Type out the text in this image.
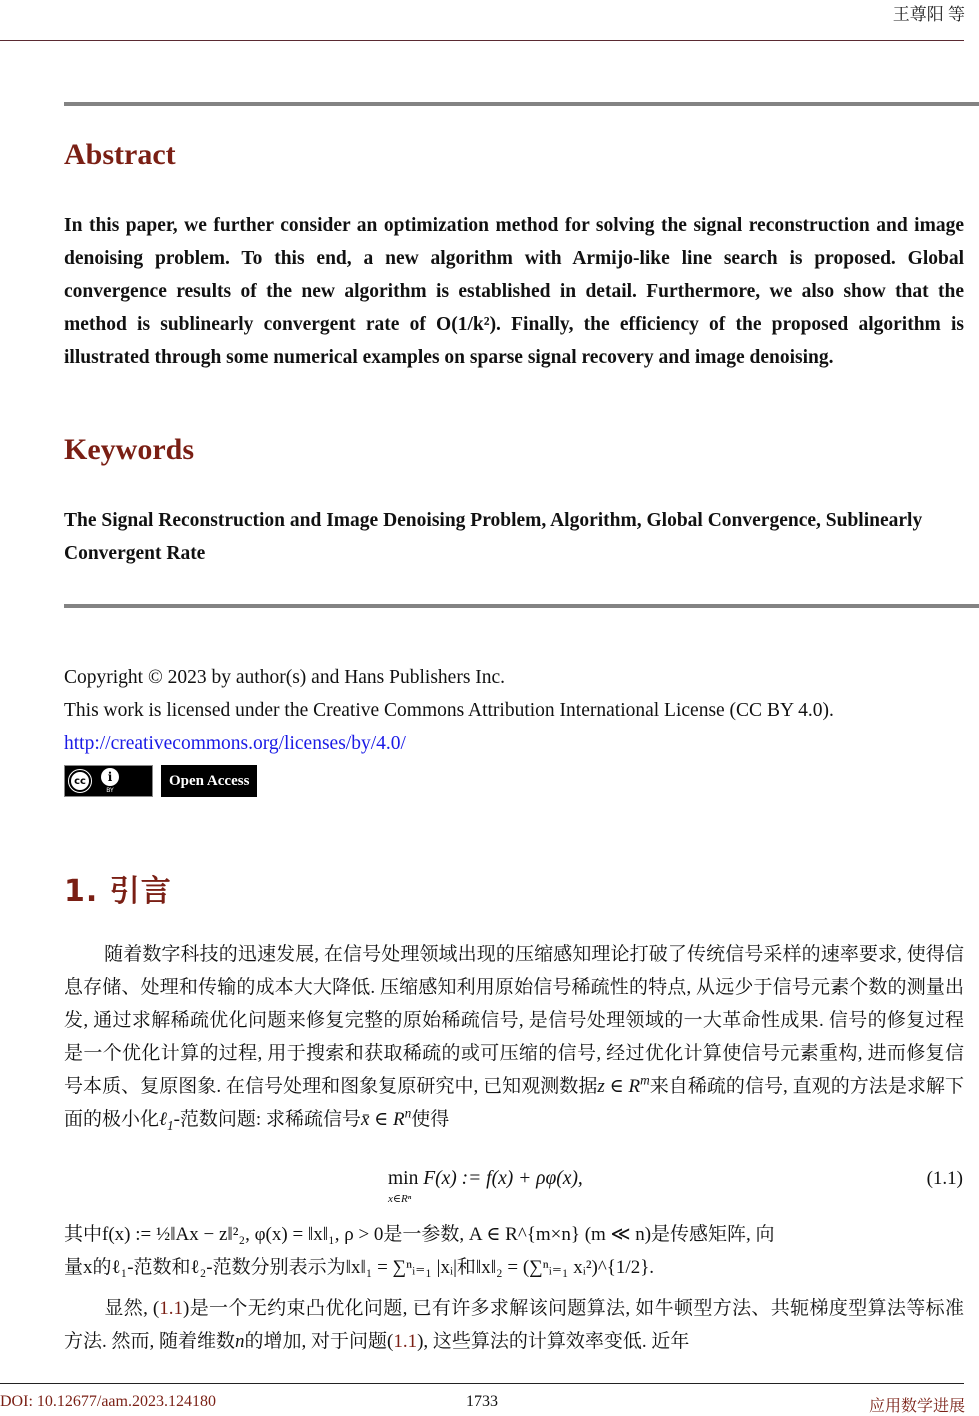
王尊阳 等
Abstract
In this paper, we further consider an optimization method for solving the signal reconstruction and image denoising problem. To this end, a new algorithm with Armijo-like line search is proposed. Global convergence results of the new algorithm is established in detail. Furthermore, we also show that the method is sublinearly convergent rate of O(1/k²). Finally, the efficiency of the proposed algorithm is illustrated through some numerical examples on sparse signal recovery and image denoising.
Keywords
The Signal Reconstruction and Image Denoising Problem, Algorithm, Global Convergence, Sublinearly Convergent Rate
Copyright © 2023 by author(s) and Hans Publishers Inc.
This work is licensed under the Creative Commons Attribution International License (CC BY 4.0).
http://creativecommons.org/licenses/by/4.0/
cc	i
BY
Open Access
1. 引言
随着数字科技的迅速发展, 在信号处理领域出现的压缩感知理论打破了传统信号采样的速率要求, 使得信息存储、处理和传输的成本大大降低. 压缩感知利用原始信号稀疏性的特点, 从远少于信号元素个数的测量出发, 通过求解稀疏优化问题来修复完整的原始稀疏信号, 是信号处理领域的一大革命性成果. 信号的修复过程是一个优化计算的过程, 用于搜索和获取稀疏的或可压缩的信号, 经过优化计算使信号元素重构, 进而修复信号本质、复原图象. 在信号处理和图象复原研究中, 已知观测数据z ∈ $R^m$来自稀疏的信号, 直观的方法是求解下面的极小化ℓ$_1$-范数问题: 求稀疏信号x̄ ∈ $R^n$使得
min F(x) := f(x) + ρφ(x),
x∈Rⁿ
(1.1)
其中f(x) := ½‖Ax − z‖²₂, φ(x) = ‖x‖₁, ρ > 0是一参数, A ∈ R^{m×n} (m ≪ n)是传感矩阵, 向
量x的ℓ₁-范数和ℓ₂-范数分别表示为‖x‖₁ = ∑ⁿᵢ₌₁ |xᵢ|和‖x‖₂ = (∑ⁿᵢ₌₁ xᵢ²)^{1/2}.
显然, (1.1)是一个无约束凸优化问题, 已有许多求解该问题算法, 如牛顿型方法、共轭梯度型算法等标准方法. 然而, 随着维数n的增加, 对于问题(1.1), 这些算法的计算效率变低. 近年
DOI: 10.12677/aam.2023.124180	1733	应用数学进展
